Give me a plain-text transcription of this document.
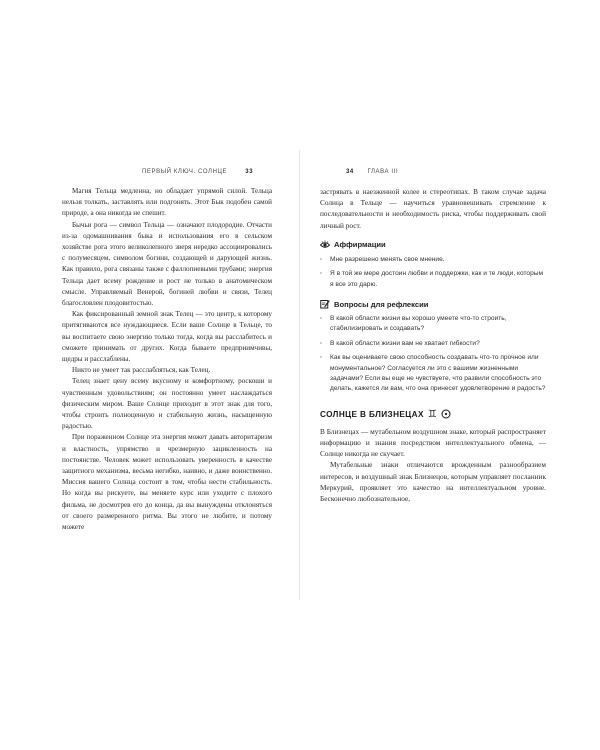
ПЕРВЫЙ КЛЮЧ. СОЛНЦЕ	33	34 ГЛАВА III

Магия Тельца медленна, но обладает упрямой силой. Тельца нельзя толкать, заставлять или подгонять. Этот Бык подобен самой природе, а она никогда не спешит.

Бычьи рога — символ Тельца — означают плодородие. Отчасти из-за одомашнивания быка и использования его в сельском хозяйстве рога этого великолепного зверя нередко ассоциировались с полумесяцем, символом богини, создающей и дарующей жизнь. Как правило, рога связаны также с фаллопиевыми трубами; энергия Тельца дает всему рождение и рост не только в анатомическом смысле. Управляемый Венерой, богиней любви и связи, Телец благословлен плодовитостью.

Как фиксированный земной знак Телец — это центр, к которому притягиваются все нуждающиеся. Если ваше Солнце в Тельце, то вы воспитаете свою энергию только тогда, когда вы расслабитесь и сможете принимать от других. Когда бываете предприимчивы, щедры и расслаблены.

Никто не умеет так расслабляться, как Телец.

Телец знает цену всему вкусному и комфортному, роскоши и чувственным удовольствиям; он постоянно умеет наслаждаться физическим миром. Ваше Солнце приходит в этот знак для того, чтобы строить полноценную и стабильную жизнь, насыщенную радостью.

При пораженном Солнце эта энергия может давать авторитаризм и властность, упрямство и чрезмерную зацикленность на постоянстве. Человек может использовать уверенность в качестве защитного механизма, весьма негибко, наивно, и даже воинственно. Миссия вашего Солнца состоит в том, чтобы нести стабильность. Но когда вы рискуете, вы меняете курс или уходите с плохого фильма, не досмотрев его до конца, да вы вынуждены отклоняться от своего размеренного ритма. Вы этого не любите, и потому можете

застрявать в наезженной колее и стереотипах. В таком случае задача Солнца в Тельце — научиться уравновешивать стремление к последовательности и необходимость риска, чтобы поддерживать свой личный рост.

Аффирмации
· Мне разрешено менять свое мнение.
· Я в той же мере достоин любви и поддержки, как и те люди, которым я все это дарю.
Вопросы для рефлексии
· В какой области жизни вы хорошо умеете что-то строить, стабилизировать и создавать?
· В какой области жизни вам не хватает гибкости?
· Как вы оцениваете свою способность создавать что-то прочное или монументальное? Согласуется ли это с вашими жизненными задачами? Если вы еще не чувствуете, что развили способность это делать, кажется ли вам, что она принесет удовлетворение и радость?
СОЛНЦЕ В БЛИЗНЕЦАХ ♊

В Близнецах — мутабельном воздушном знаке, который распространяет информацию и знания посредством интеллектуального обмена, — Солнце никогда не скучает.

Мутабельные знаки отличаются врожденным разнообразием интересов, и воздушный знак Близнецов, которым управляет посланник Меркурий, проявляет это качество на интеллектуальном уровне. Бесконечно любознательное,
